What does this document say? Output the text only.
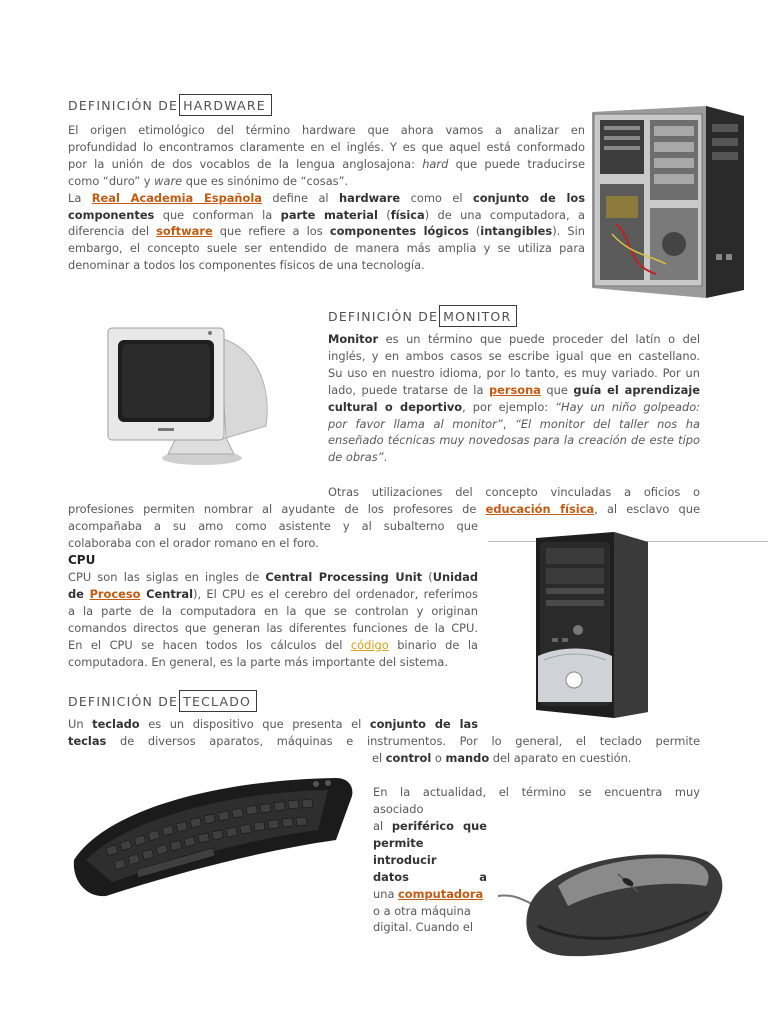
DEFINICIÓN DE HARDWARE
El origen etimológico del término hardware que ahora vamos a analizar en
profundidad lo encontramos claramente en el inglés. Y es que aquel está conformado
por la unión de dos vocablos de la lengua anglosajona: hard que puede traducirse
como “duro” y ware que es sinónimo de “cosas”.
La Real Academia Española define al hardware como el conjunto de los
componentes que conforman la parte material (física) de una computadora, a
diferencia del software que refiere a los componentes lógicos (intangibles). Sin
embargo, el concepto suele ser entendido de manera más amplia y se utiliza para
denominar a todos los componentes físicos de una tecnología.
DEFINICIÓN DE MONITOR
Monitor es un término que puede proceder del latín o del
inglés, y en ambos casos se escribe igual que en castellano.
Su uso en nuestro idioma, por lo tanto, es muy variado. Por un
lado, puede tratarse de la persona que guía el aprendizaje
cultural o deportivo, por ejemplo: “Hay un niño golpeado:
por favor llama al monitor”, “El monitor del taller nos ha
enseñado técnicas muy novedosas para la creación de este tipo
de obras”.
Otras utilizaciones del concepto vinculadas a oficios o
profesiones permiten nombrar al ayudante de los profesores de educación física, al esclavo que
acompañaba a su amo como asistente y al subalterno que
colaboraba con el orador romano en el foro.
CPU
CPU son las siglas en ingles de Central Processing Unit (Unidad
de Proceso Central), El CPU es el cerebro del ordenador, referimos
a la parte de la computadora en la que se controlan y originan
comandos directos que generan las diferentes funciones de la CPU.
En el CPU se hacen todos los cálculos del código binario de la
computadora. En general, es la parte más importante del sistema.
DEFINICIÓN DE TECLADO
Un teclado es un dispositivo que presenta el conjunto de las
teclas de diversos aparatos, máquinas e instrumentos. Por lo general, el teclado permite
el control o mando del aparato en cuestión.
En la actualidad, el término se encuentra muy
asociado
al periférico que
permite introducir
datos a
una computadora
o a otra máquina
digital. Cuando el
